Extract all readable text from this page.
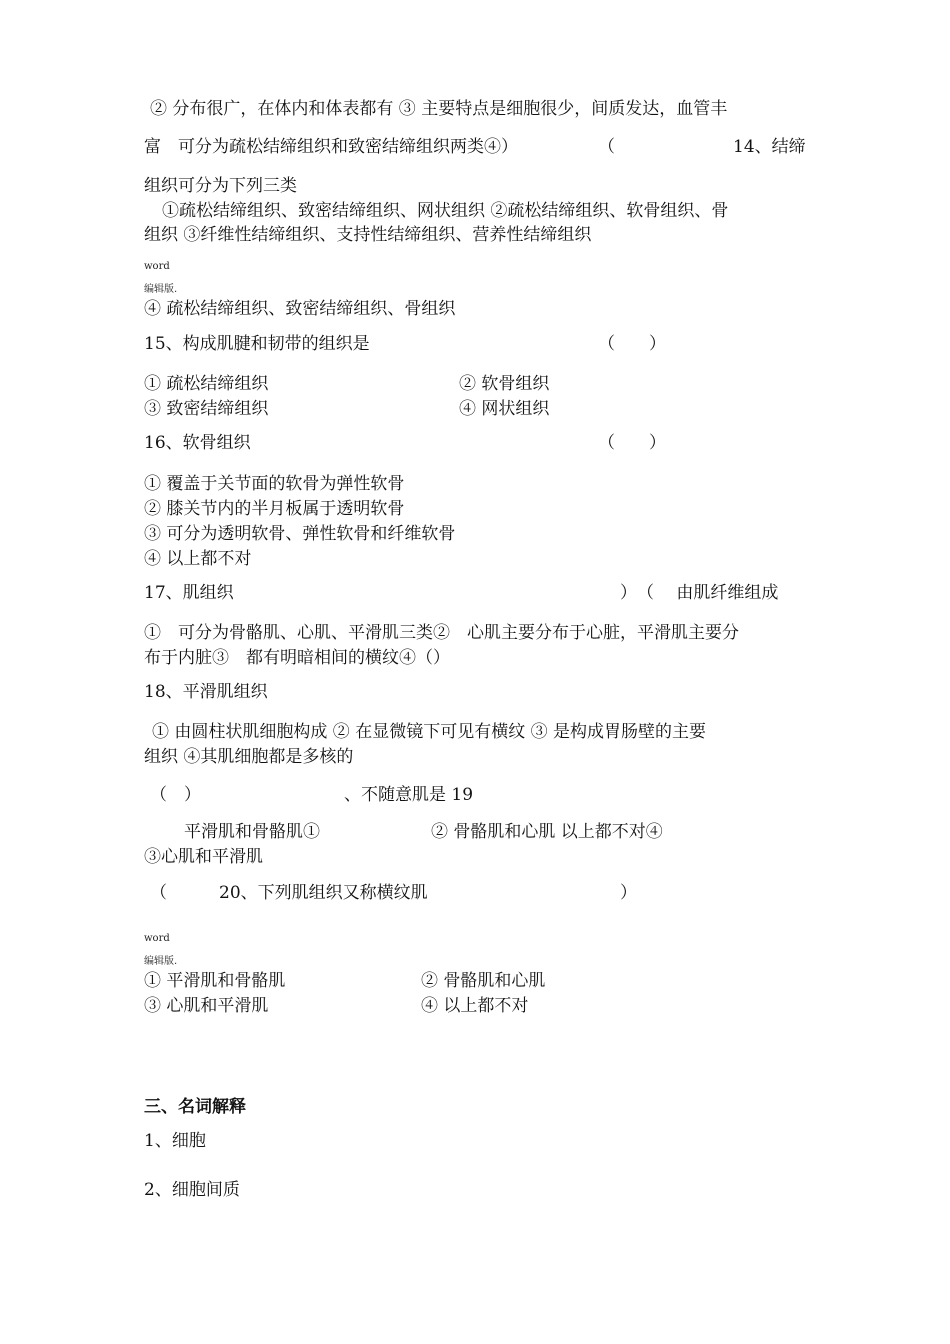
② 分布很广，在体内和体表都有 ③ 主要特点是细胞很少，间质发达，血管丰
富　可分为疏松结缔组织和致密结缔组织两类④）	（	14、结缔
组织可分为下列三类
①疏松结缔组织、致密结缔组织、网状组织 ②疏松结缔组织、软骨组织、骨
组织 ③纤维性结缔组织、支持性结缔组织、营养性结缔组织
word
编辑版.
④ 疏松结缔组织、致密结缔组织、骨组织
15、构成肌腱和韧带的组织是	（　　）
① 疏松结缔组织	② 软骨组织
③ 致密结缔组织	④ 网状组织
16、软骨组织	（　　）
① 覆盖于关节面的软骨为弹性软骨
② 膝关节内的半月板属于透明软骨
③ 可分为透明软骨、弹性软骨和纤维软骨
④ 以上都不对
17、肌组织	）　（　 由肌纤维组成
①　可分为骨骼肌、心肌、平滑肌三类②　心肌主要分布于心脏，平滑肌主要分
布于内脏③　都有明暗相间的横纹④（）
18、平滑肌组织
① 由圆柱状肌细胞构成 ② 在显微镜下可见有横纹 ③ 是构成胃肠壁的主要
组织 ④其肌细胞都是多核的
（　）	、不随意肌是 19
平滑肌和骨骼肌①	② 骨骼肌和心肌 以上都不对④
③心肌和平滑肌
（	20、下列肌组织又称横纹肌	）
word
编辑版.
① 平滑肌和骨骼肌	② 骨骼肌和心肌
③ 心肌和平滑肌	④ 以上都不对
三、名词解释
1、细胞
2、细胞间质
